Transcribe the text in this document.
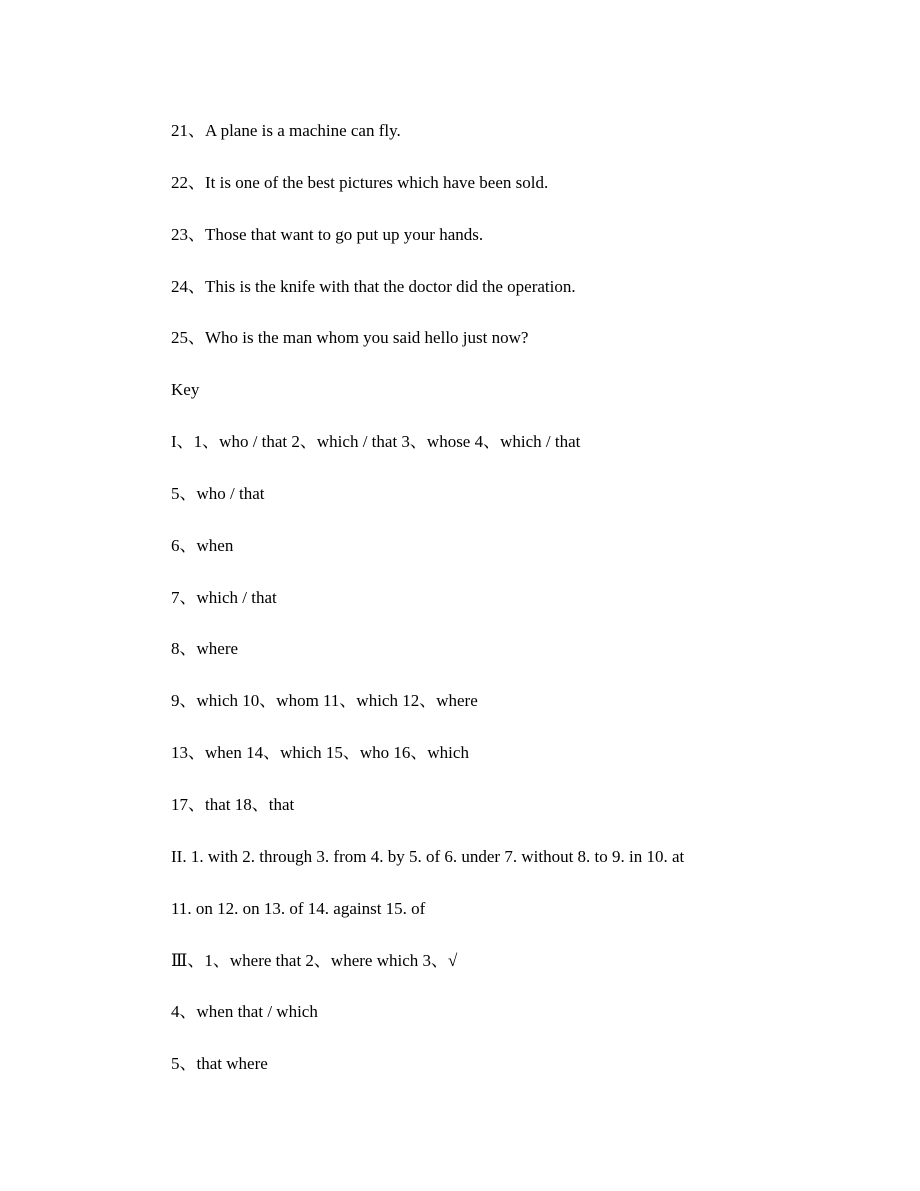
21、A plane is a machine can fly.
22、It is one of the best pictures which have been sold.
23、Those that want to go put up your hands.
24、This is the knife with that the doctor did the operation.
25、Who is the man whom you said hello just now?
Key
I、1、who / that 2、which / that 3、whose 4、which / that
5、who / that
6、when
7、which / that
8、where
9、which 10、whom 11、which 12、where
13、when 14、which 15、who 16、which
17、that 18、that
II. 1. with 2. through 3. from 4. by 5. of 6. under 7. without 8. to 9. in 10. at
11. on 12. on 13. of 14. against 15. of
Ⅲ、1、where that 2、where which 3、√
4、when that / which
5、that where
